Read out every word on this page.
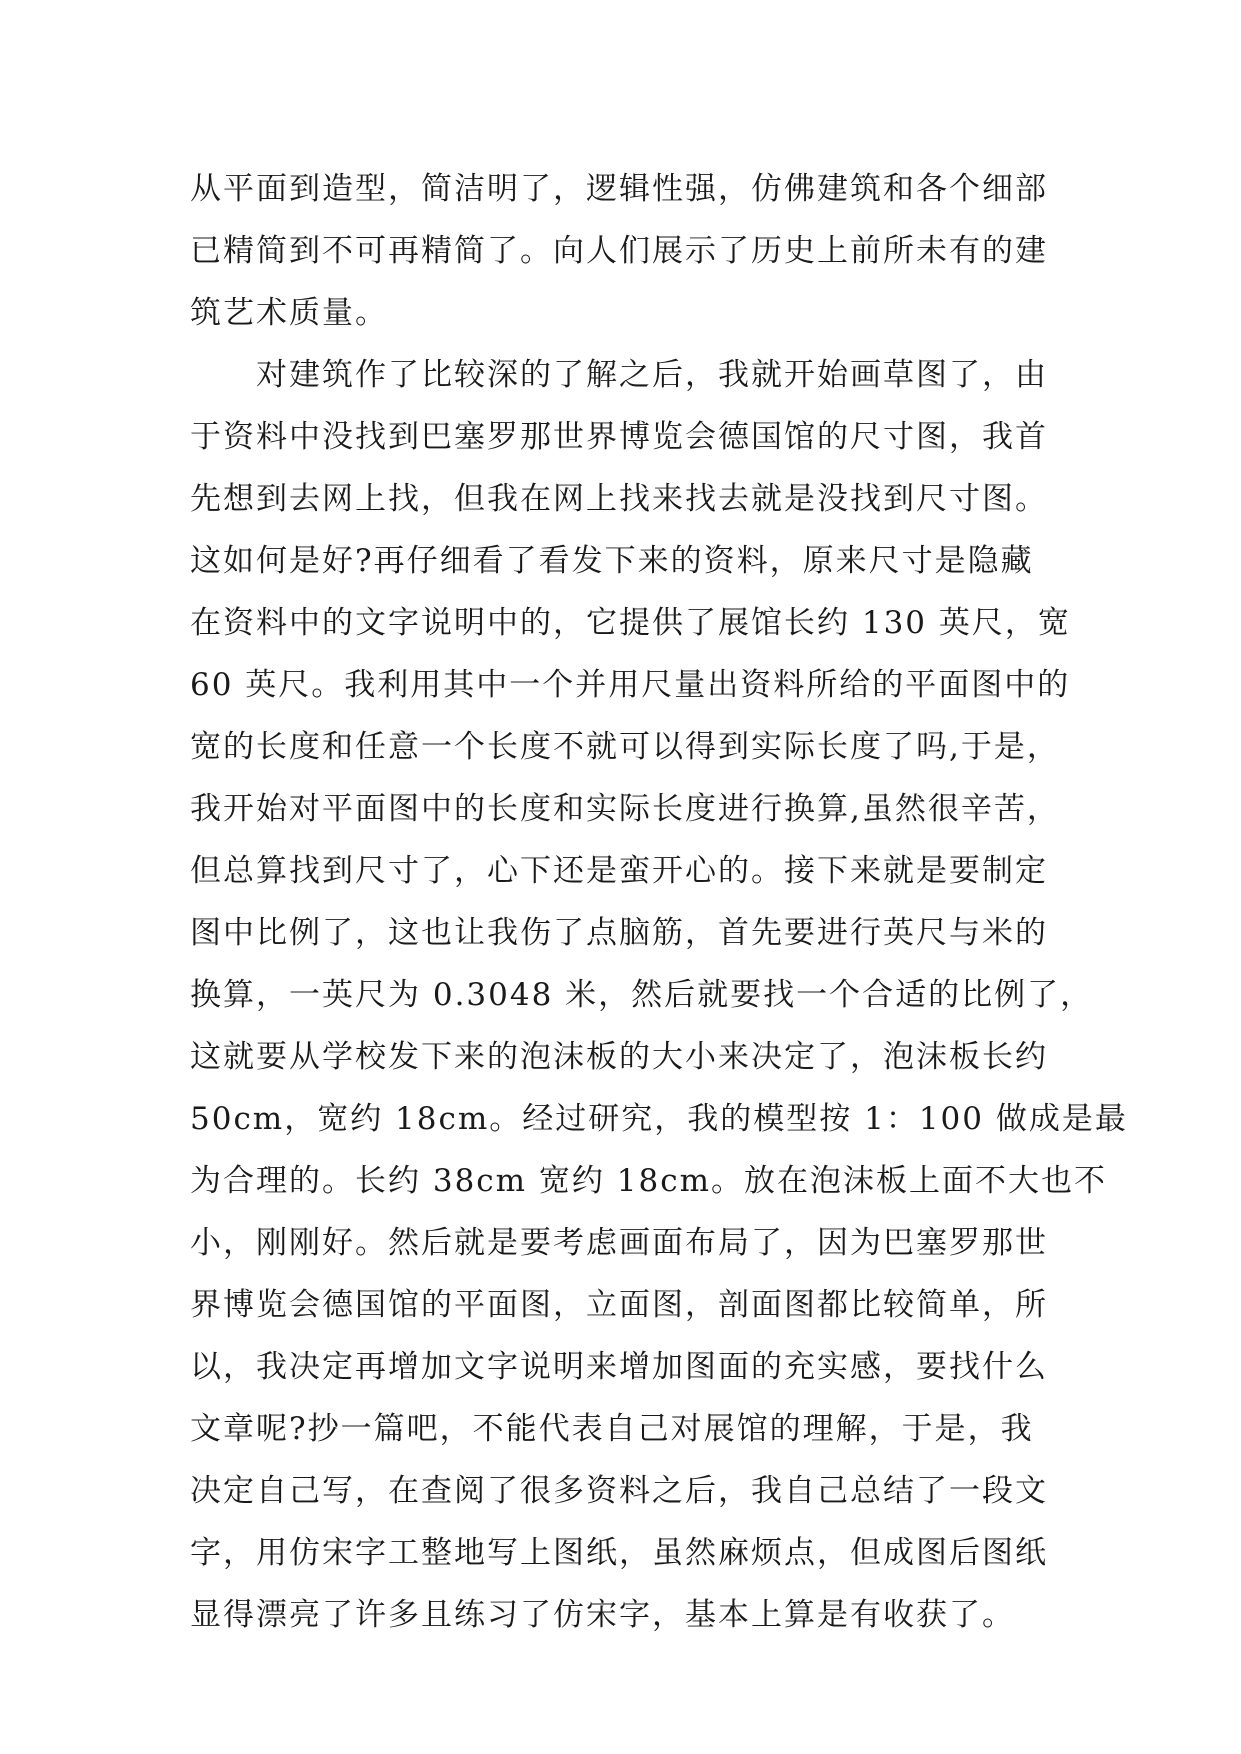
从平面到造型，简洁明了，逻辑性强，仿佛建筑和各个细部
已精简到不可再精简了。向人们展示了历史上前所未有的建
筑艺术质量。
对建筑作了比较深的了解之后，我就开始画草图了，由
于资料中没找到巴塞罗那世界博览会德国馆的尺寸图，我首
先想到去网上找，但我在网上找来找去就是没找到尺寸图。
这如何是好?再仔细看了看发下来的资料，原来尺寸是隐藏
在资料中的文字说明中的，它提供了展馆长约 130 英尺，宽
60 英尺。我利用其中一个并用尺量出资料所给的平面图中的
宽的长度和任意一个长度不就可以得到实际长度了吗,于是，
我开始对平面图中的长度和实际长度进行换算,虽然很辛苦，
但总算找到尺寸了，心下还是蛮开心的。接下来就是要制定
图中比例了，这也让我伤了点脑筋，首先要进行英尺与米的
换算，一英尺为 0.3048 米，然后就要找一个合适的比例了，
这就要从学校发下来的泡沫板的大小来决定了，泡沫板长约
50cm，宽约 18cm。经过研究，我的模型按 1：100 做成是最
为合理的。长约 38cm 宽约 18cm。放在泡沫板上面不大也不
小，刚刚好。然后就是要考虑画面布局了，因为巴塞罗那世
界博览会德国馆的平面图，立面图，剖面图都比较简单，所
以，我决定再增加文字说明来增加图面的充实感，要找什么
文章呢?抄一篇吧，不能代表自己对展馆的理解，于是，我
决定自己写，在查阅了很多资料之后，我自己总结了一段文
字，用仿宋字工整地写上图纸，虽然麻烦点，但成图后图纸
显得漂亮了许多且练习了仿宋字，基本上算是有收获了。
